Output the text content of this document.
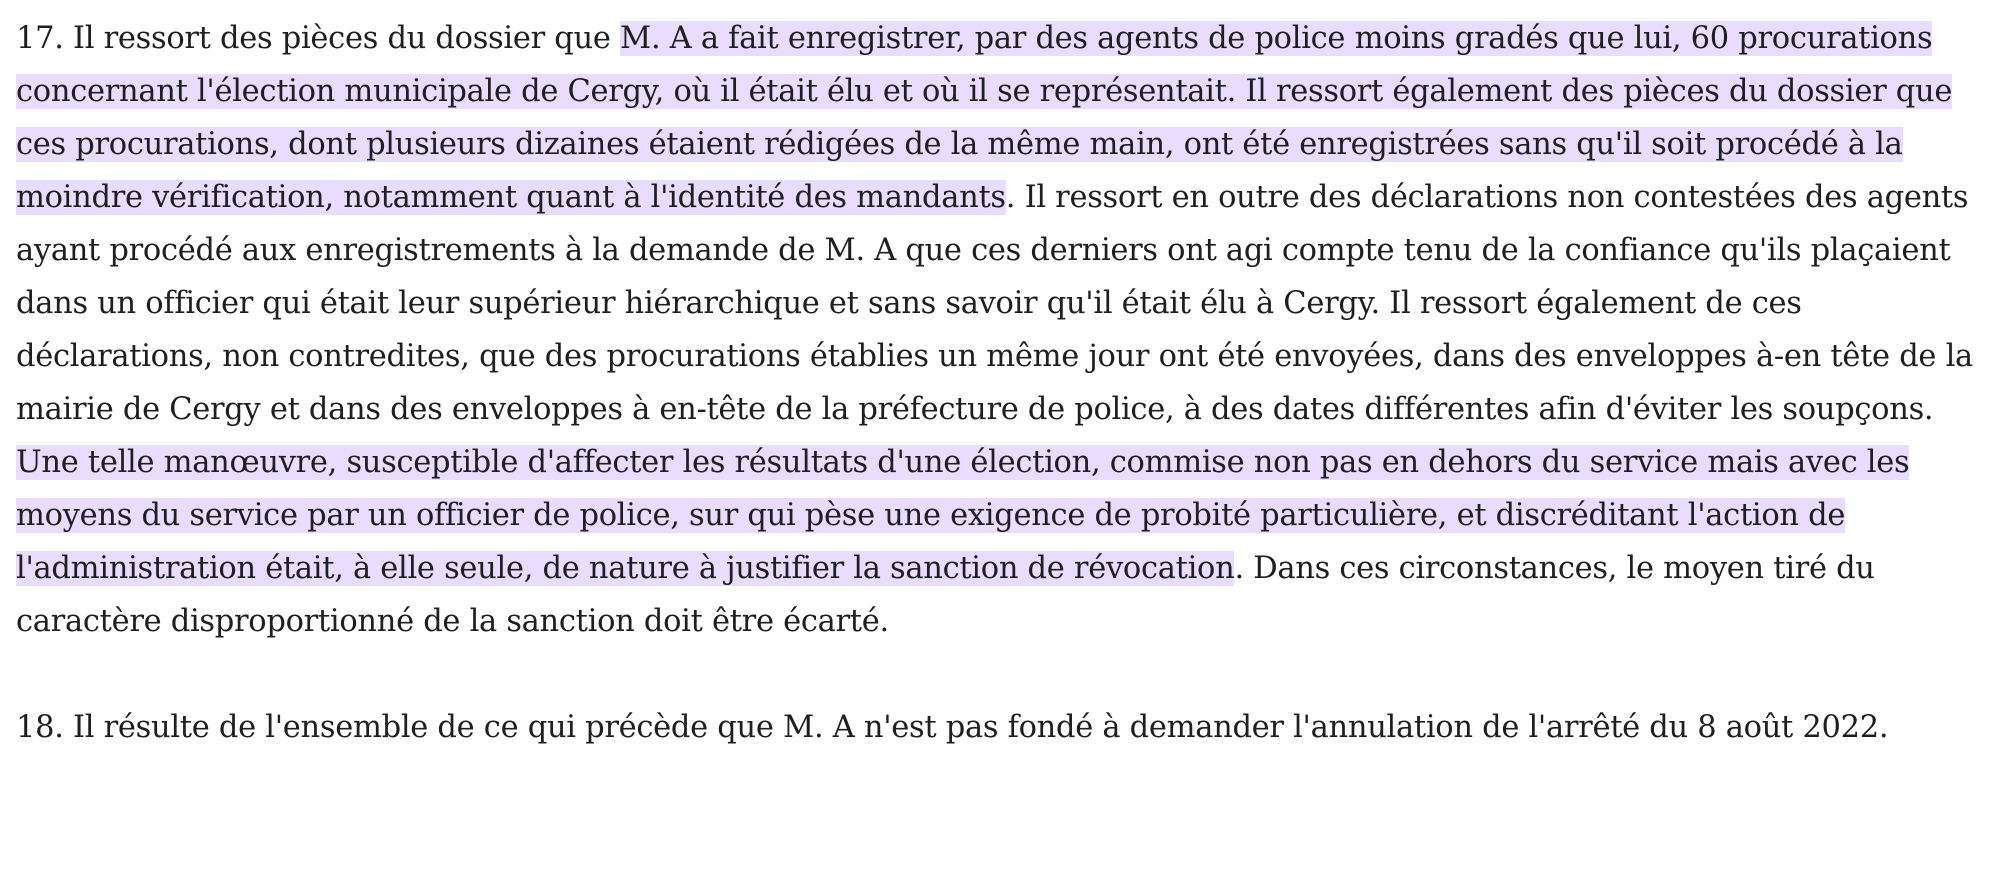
17. Il ressort des pièces du dossier que M. A a fait enregistrer, par des agents de police moins gradés que lui, 60 procurations concernant l'élection municipale de Cergy, où il était élu et où il se représentait. Il ressort également des pièces du dossier que ces procurations, dont plusieurs dizaines étaient rédigées de la même main, ont été enregistrées sans qu'il soit procédé à la moindre vérification, notamment quant à l'identité des mandants. Il ressort en outre des déclarations non contestées des agents ayant procédé aux enregistrements à la demande de M. A que ces derniers ont agi compte tenu de la confiance qu'ils plaçaient dans un officier qui était leur supérieur hiérarchique et sans savoir qu'il était élu à Cergy. Il ressort également de ces déclarations, non contredites, que des procurations établies un même jour ont été envoyées, dans des enveloppes à-en tête de la mairie de Cergy et dans des enveloppes à en-tête de la préfecture de police, à des dates différentes afin d'éviter les soupçons. Une telle manœuvre, susceptible d'affecter les résultats d'une élection, commise non pas en dehors du service mais avec les moyens du service par un officier de police, sur qui pèse une exigence de probité particulière, et discréditant l'action de l'administration était, à elle seule, de nature à justifier la sanction de révocation. Dans ces circonstances, le moyen tiré du caractère disproportionné de la sanction doit être écarté.

18. Il résulte de l'ensemble de ce qui précède que M. A n'est pas fondé à demander l'annulation de l'arrêté du 8 août 2022.
